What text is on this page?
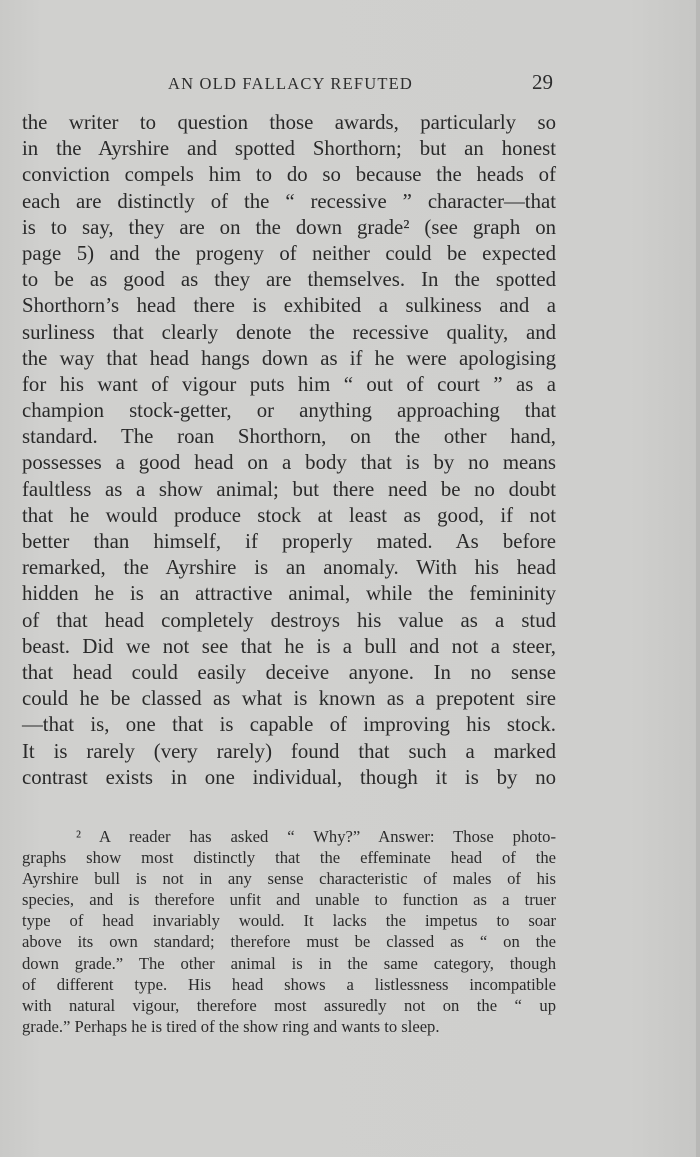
AN OLD FALLACY REFUTED	29
the writer to question those awards, particularly so
in the Ayrshire and spotted Shorthorn; but an honest
conviction compels him to do so because the heads of
each are distinctly of the “ recessive ” character—that
is to say, they are on the down grade² (see graph on
page 5) and the progeny of neither could be expected
to be as good as they are themselves. In the spotted
Shorthorn’s head there is exhibited a sulkiness and a
surliness that clearly denote the recessive quality, and
the way that head hangs down as if he were apologising
for his want of vigour puts him “ out of court ” as a
champion stock-getter, or anything approaching that
standard. The roan Shorthorn, on the other hand,
possesses a good head on a body that is by no means
faultless as a show animal; but there need be no doubt
that he would produce stock at least as good, if not
better than himself, if properly mated. As before
remarked, the Ayrshire is an anomaly. With his head
hidden he is an attractive animal, while the femininity
of that head completely destroys his value as a stud
beast. Did we not see that he is a bull and not a steer,
that head could easily deceive anyone. In no sense
could he be classed as what is known as a prepotent sire
—that is, one that is capable of improving his stock.
It is rarely (very rarely) found that such a marked
contrast exists in one individual, though it is by no
² A reader has asked “ Why?” Answer: Those photo-
graphs show most distinctly that the effeminate head of the
Ayrshire bull is not in any sense characteristic of males of his
species, and is therefore unfit and unable to function as a truer
type of head invariably would. It lacks the impetus to soar
above its own standard; therefore must be classed as “ on the
down grade.” The other animal is in the same category, though
of different type. His head shows a listlessness incompatible
with natural vigour, therefore most assuredly not on the “ up
grade.” Perhaps he is tired of the show ring and wants to sleep.
